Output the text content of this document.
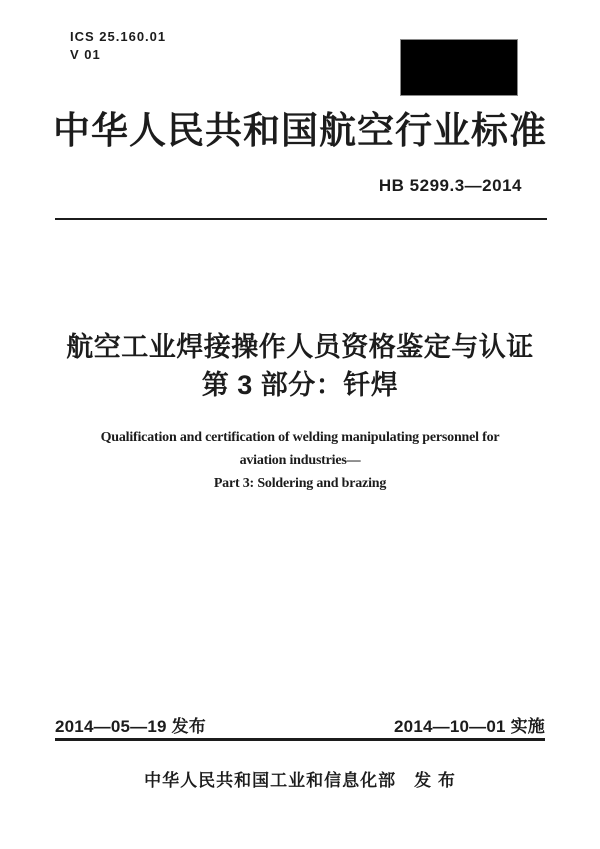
ICS 25.160.01
V 01
中华人民共和国航空行业标准
HB 5299.3—2014
航空工业焊接操作人员资格鉴定与认证
第 3 部分：钎焊
Qualification and certification of welding manipulating personnel for
aviation industries—
Part 3: Soldering and brazing
2014—05—19 发布	2014—10—01 实施
中华人民共和国工业和信息化部　发 布
